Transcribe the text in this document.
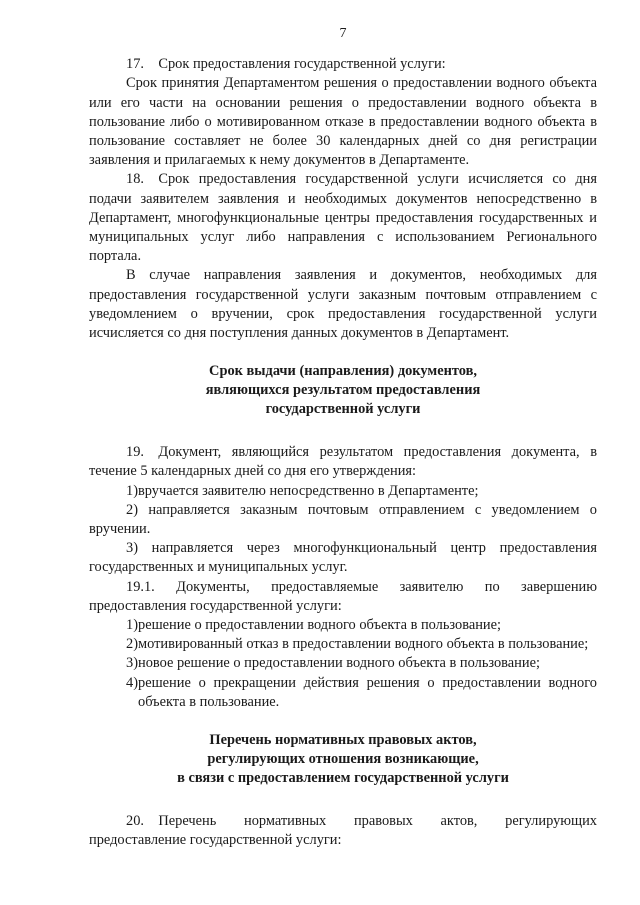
7

17. Срок предоставления государственной услуги:

Срок принятия Департаментом решения о предоставлении водного объекта или его части на основании решения о предоставлении водного объекта в пользование либо о мотивированном отказе в предоставлении водного объекта в пользование составляет не более 30 календарных дней со дня регистрации заявления и прилагаемых к нему документов в Департаменте.

18. Срок предоставления государственной услуги исчисляется со дня подачи заявителем заявления и необходимых документов непосредственно в Департамент, многофункциональные центры предоставления государственных и муниципальных услуг либо направления с использованием Регионального портала.

В случае направления заявления и документов, необходимых для предоставления государственной услуги заказным почтовым отправлением с уведомлением о вручении, срок предоставления государственной услуги исчисляется со дня поступления данных документов в Департамент.

Срок выдачи (направления) документов,
являющихся результатом предоставления
государственной услуги

19. Документ, являющийся результатом предоставления документа, в течение 5 календарных дней со дня его утверждения:

1) вручается заявителю непосредственно в Департаменте;
2) направляется заказным почтовым отправлением с уведомлением о вручении.
3) направляется через многофункциональный центр предоставления государственных и муниципальных услуг.

19.1. Документы, предоставляемые заявителю по завершению предоставления государственной услуги:

1) решение о предоставлении водного объекта в пользование;
2) мотивированный отказ в предоставлении водного объекта в пользование;
3) новое решение о предоставлении водного объекта в пользование;
4) решение о прекращении действия решения о предоставлении водного объекта в пользование.
Перечень нормативных правовых актов,
регулирующих отношения возникающие,
в связи с предоставлением государственной услуги

20. Перечень нормативных правовых актов, регулирующих предоставление государственной услуги:
